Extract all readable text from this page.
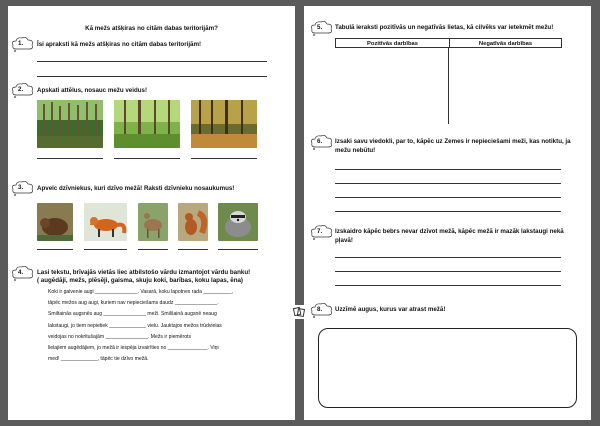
Kā mežs atšķiras no citām dabas teritorijām?
1. Īsi apraksti kā mežs atšķiras no citām dabas teritorijām!
2. Apskati attēlus, nosauc mežu veidus!
3. Apvelc dzīvniekus, kuri dzīvo mežā! Raksti dzīvnieku nosaukumus!
4. Lasi tekstu, brīvajās vietās liec atbilstošo vārdu izmantojot vārdu banku!
( augēdāji, mežs, plēsēji, gaisma, skuju koki, barības, koku lapas, ēna)
Koki ir galvenie augi _______________. Vasarā, koku lapotnes rada __________,
tāpēc mežos aug augi, kuriem nav nepieciešams daudz _______________.
Smiltainās augsnēs aug _______________ meži. Smilšainā augsnē neaug
lakstaugi, jo tiem nepietiek _____________ vielu. Jauktajos mežos trūdvielas
veidojas no nokritušajām _______________. Mežs ir piemērots
lielajiem augēdājiem, jo mežā ir iespēja izvairīties no ______________. Viņi
med! _____________, tāpēc tie dzīvo mežā.
5. Tabulā ieraksti pozitīvās un negatīvās lietas, kā cilvēks var ietekmēt mežu!
Pozitīvās darbības	Negatīvās darbības
6. Izsaki savu viedokli, par to, kāpēc uz Zemes ir nepieciešami meži, kas notiktu, ja
mežu nebūtu!
7. Izskaidro kāpēc bebrs nevar dzīvot mežā, kāpēc mežā ir mazāk lakstaugi nekā
pļavā!
8. Uzzīmē augus, kurus var atrast mežā!
